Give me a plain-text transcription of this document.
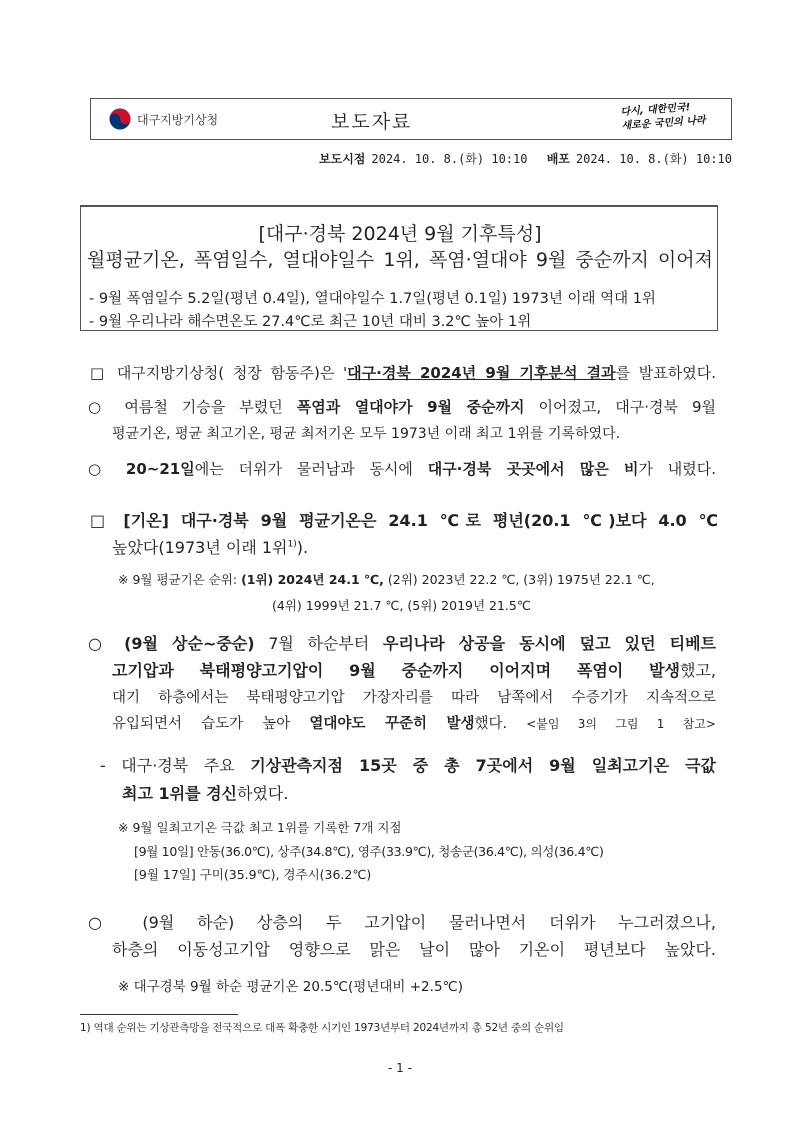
대구지방기상청	보도자료
다시, 대한민국!
새로운 국민의 나라
보도시점 2024. 10. 8.(화) 10:10 배포 2024. 10. 8.(화) 10:10
[대구·경북 2024년 9월 기후특성]
월평균기온, 폭염일수, 열대야일수 1위, 폭염·열대야 9월 중순까지 이어져
- 9월 폭염일수 5.2일(평년 0.4일), 열대야일수 1.7일(평년 0.1일) 1973년 이래 역대 1위
- 9월 우리나라 해수면온도 27.4℃로 최근 10년 대비 3.2℃ 높아 1위
□ 대구지방기상청( 청장 함동주)은 '대구·경북 2024년 9월 기후분석 결과를 발표하였다.
○ 여름철 기승을 부렸던 폭염과 열대야가 9월 중순까지 이어졌고, 대구·경북 9월
평균기온, 평균 최고기온, 평균 최저기온 모두 1973년 이래 최고 1위를 기록하였다.
○ 20~21일에는 더위가 물러남과 동시에 대구·경북 곳곳에서 많은 비가 내렸다.
□ [기온] 대구·경북 9월 평균기온은 24.1 ℃로 평년(20.1 ℃)보다 4.0 ℃
높았다(1973년 이래 1위$^{1)}$).
※ 9월 평균기온 순위: (1위) 2024년 24.1 ℃, (2위) 2023년 22.2 ℃, (3위) 1975년 22.1 ℃,
(4위) 1999년 21.7 ℃, (5위) 2019년 21.5℃
○ (9월 상순~중순) 7월 하순부터 우리나라 상공을 동시에 덮고 있던 티베트
고기압과 북태평양고기압이 9월 중순까지 이어지며 폭염이 발생했고,
대기 하층에서는 북태평양고기압 가장자리를 따라 남쪽에서 수증기가 지속적으로
유입되면서 습도가 높아 열대야도 꾸준히 발생했다. <붙임 3의 그림 1 참고>
- 대구·경북 주요 기상관측지점 15곳 중 총 7곳에서 9월 일최고기온 극값
최고 1위를 경신하였다.
※ 9월 일최고기온 극값 최고 1위를 기록한 7개 지점
[9월 10일] 안동(36.0℃), 상주(34.8℃), 영주(33.9℃), 청송군(36.4℃), 의성(36.4℃)
[9월 17일] 구미(35.9℃), 경주시(36.2℃)
○ (9월 하순) 상층의 두 고기압이 물러나면서 더위가 누그러졌으나,
하층의 이동성고기압 영향으로 맑은 날이 많아 기온이 평년보다 높았다.
※ 대구경북 9월 하순 평균기온 20.5℃(평년대비 +2.5℃)
1) 역대 순위는 기상관측망을 전국적으로 대폭 확충한 시기인 1973년부터 2024년까지 총 52년 중의 순위임
- 1 -
